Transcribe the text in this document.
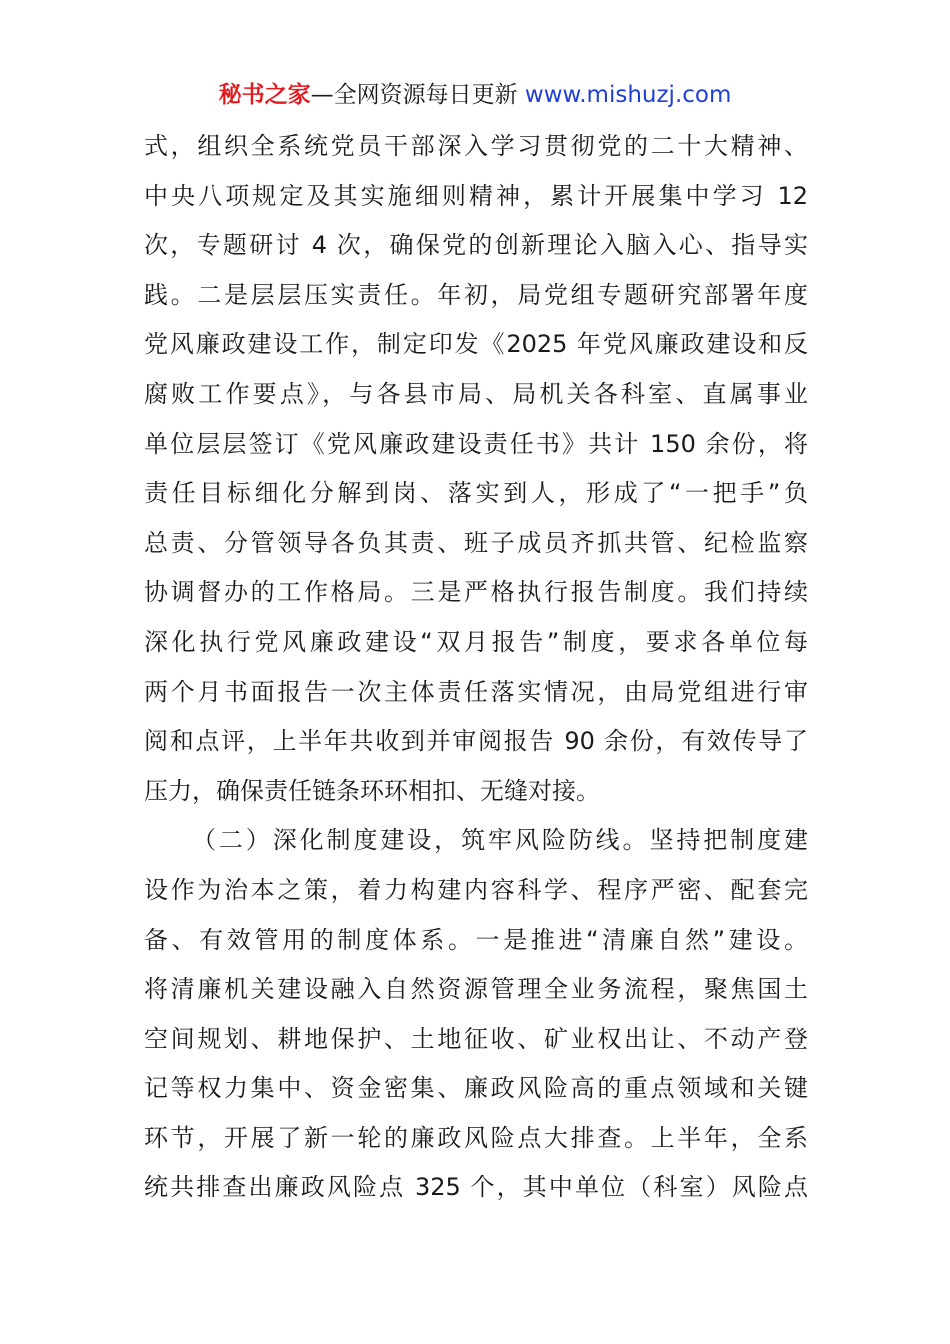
秘书之家—全网资源每日更新 www.mishuzj.com
式，组织全系统党员干部深入学习贯彻党的二十大精神、
中央八项规定及其实施细则精神，累计开展集中学习 12
次，专题研讨 4 次，确保党的创新理论入脑入心、指导实
践。二是层层压实责任。年初，局党组专题研究部署年度
党风廉政建设工作，制定印发《2025 年党风廉政建设和反
腐败工作要点》，与各县市局、局机关各科室、直属事业
单位层层签订《党风廉政建设责任书》共计 150 余份，将
责任目标细化分解到岗、落实到人，形成了“一把手”负
总责、分管领导各负其责、班子成员齐抓共管、纪检监察
协调督办的工作格局。三是严格执行报告制度。我们持续
深化执行党风廉政建设“双月报告”制度，要求各单位每
两个月书面报告一次主体责任落实情况，由局党组进行审
阅和点评，上半年共收到并审阅报告 90 余份，有效传导了
压力，确保责任链条环环相扣、无缝对接。
（二）深化制度建设，筑牢风险防线。坚持把制度建
设作为治本之策，着力构建内容科学、程序严密、配套完
备、有效管用的制度体系。一是推进“清廉自然”建设。
将清廉机关建设融入自然资源管理全业务流程，聚焦国土
空间规划、耕地保护、土地征收、矿业权出让、不动产登
记等权力集中、资金密集、廉政风险高的重点领域和关键
环节，开展了新一轮的廉政风险点大排查。上半年，全系
统共排查出廉政风险点 325 个，其中单位（科室）风险点
